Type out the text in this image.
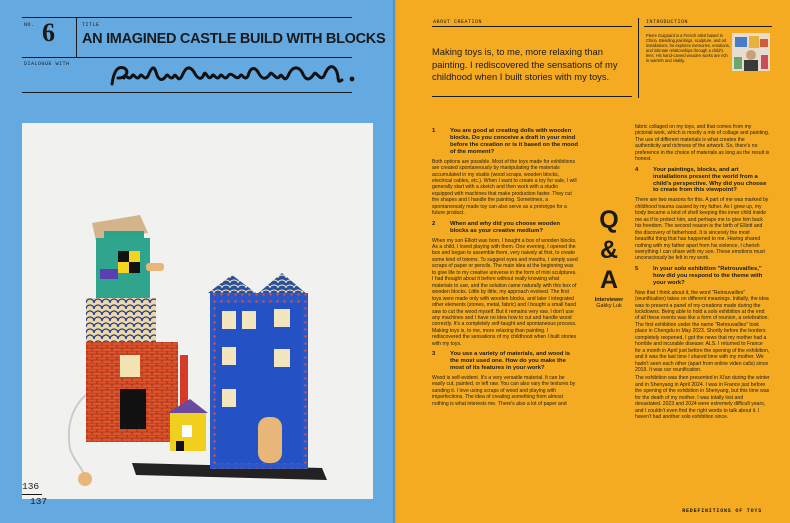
NO. 6	TITLE
AN IMAGINED CASTLE BUILD WITH BLOCKS
DIALOGUE WITH
136
137
ABOUT CREATION
Making toys is, to me, more relaxing than painting. I rediscovered the sensations of my childhood when I built stories with my toys.
INTRODUCTION
Pierre Guignard is a French artist based in China. Blending paintings, sculpture, and art installations, he explores memories, emotions, and intimate relationships through a child's lens. His hand-carved wooden works are rich in warmth and vitality.
1	You are good at creating dolls with wooden blocks. Do you conceive a draft in your mind before the creation or is it based on the mood of the moment?

Both options are possible. Most of the toys made for exhibitions are created spontaneously by manipulating the materials accumulated in my studio (wood scraps, wooden blocks, electrical cables, etc.). When I want to create a toy for sale, I will generally start with a sketch and then work with a studio equipped with machines that make production faster. They cut the shapes and I handle the painting. Sometimes, a spontaneously made toy can also serve as a prototype for a future product.

2	When and why did you choose wooden blocks as your creative medium?

When my son Elliott was born, I bought a box of wooden blocks. As a child, I loved playing with them. One evening, I opened the box and began to assemble them, very naively at first, to create some kind of totems. To suggest eyes and mouths, I simply used scraps of paper or pencils. The main idea at the beginning was to give life to my creative universe in the form of mini sculptures. I had thought about it before without really knowing what materials to use, and the solution came naturally with this box of wooden blocks. Little by little, my approach evolved. The first toys were made only with wooden blocks, and later I integrated other elements (stones, metal, fabric) and I bought a small hand saw to cut the wood myself. But it remains very raw. I don't use any machines and I have no idea how to cut and handle wood correctly. It's a completely self-taught and spontaneous process. Making toys is, to me, more relaxing than painting. I rediscovered the sensations of my childhood when I built stories with my toys.

3	You use a variety of materials, and wood is the most used one. How do you make the most of its features in your work?

Wood is self-evident. It's a very versatile material. It can be easily cut, painted, or left raw. You can also vary the textures by sanding it. I love using scraps of wood and playing with imperfections. The idea of creating something from almost nothing is what interests me. There's also a lot of paper and

Q
&
A
Interviewer
Gakky Luk

fabric collaged on my toys, and that comes from my pictorial work, which is mostly a mix of collage and painting. The use of different materials is what creates the authenticity and richness of the artwork. So, there's no preference in the choice of materials as long as the result is honest.

4	Your paintings, blocks, and art installations present the world from a child's perspective. Why did you choose to create from this viewpoint?

There are two reasons for this. A part of me was marked by childhood trauma caused by my father. As I grew up, my body became a kind of shell keeping this inner child inside me as if to protect him, and perhaps me to give him back his freedom. The second reason is the birth of Elliott and the discovery of fatherhood. It is sincerely the most beautiful thing that has happened to me. Having shared nothing with my father apart from his violence, I cherish everything I can share with my son. These emotions must unconsciously be felt in my work.

5	In your solo exhibition "Retrouvailles," how did you respond to the theme with your work?

Now that I think about it, the word "Retrouvailles" (reunification) takes on different meanings. Initially, the idea was to present a panel of my creations made during the lockdowns. Being able to hold a solo exhibition at the end of all these events was like a form of reunion, a celebration. The first exhibition under the name "Retrouvailles" took place in Chengdu in May 2023. Shortly before the borders completely reopened, I got the news that my mother had a horrible and incurable disease: ALS. I returned to France for a month in April just before the opening of the exhibition, and it was the last time I shared time with my mother. We hadn't seen each other (apart from online video calls) since 2019. It was our reunification.

The exhibition was then presented in Xi'an during the winter and in Shenyang in April 2024. I was in France just before the opening of the exhibition in Shenyang, but this time was for the death of my mother. I was totally lost and devastated. 2023 and 2024 were extremely difficult years, and I couldn't even find the right words to talk about it. I haven't had another solo exhibition since.

REDEFINITIONS OF TOYS
